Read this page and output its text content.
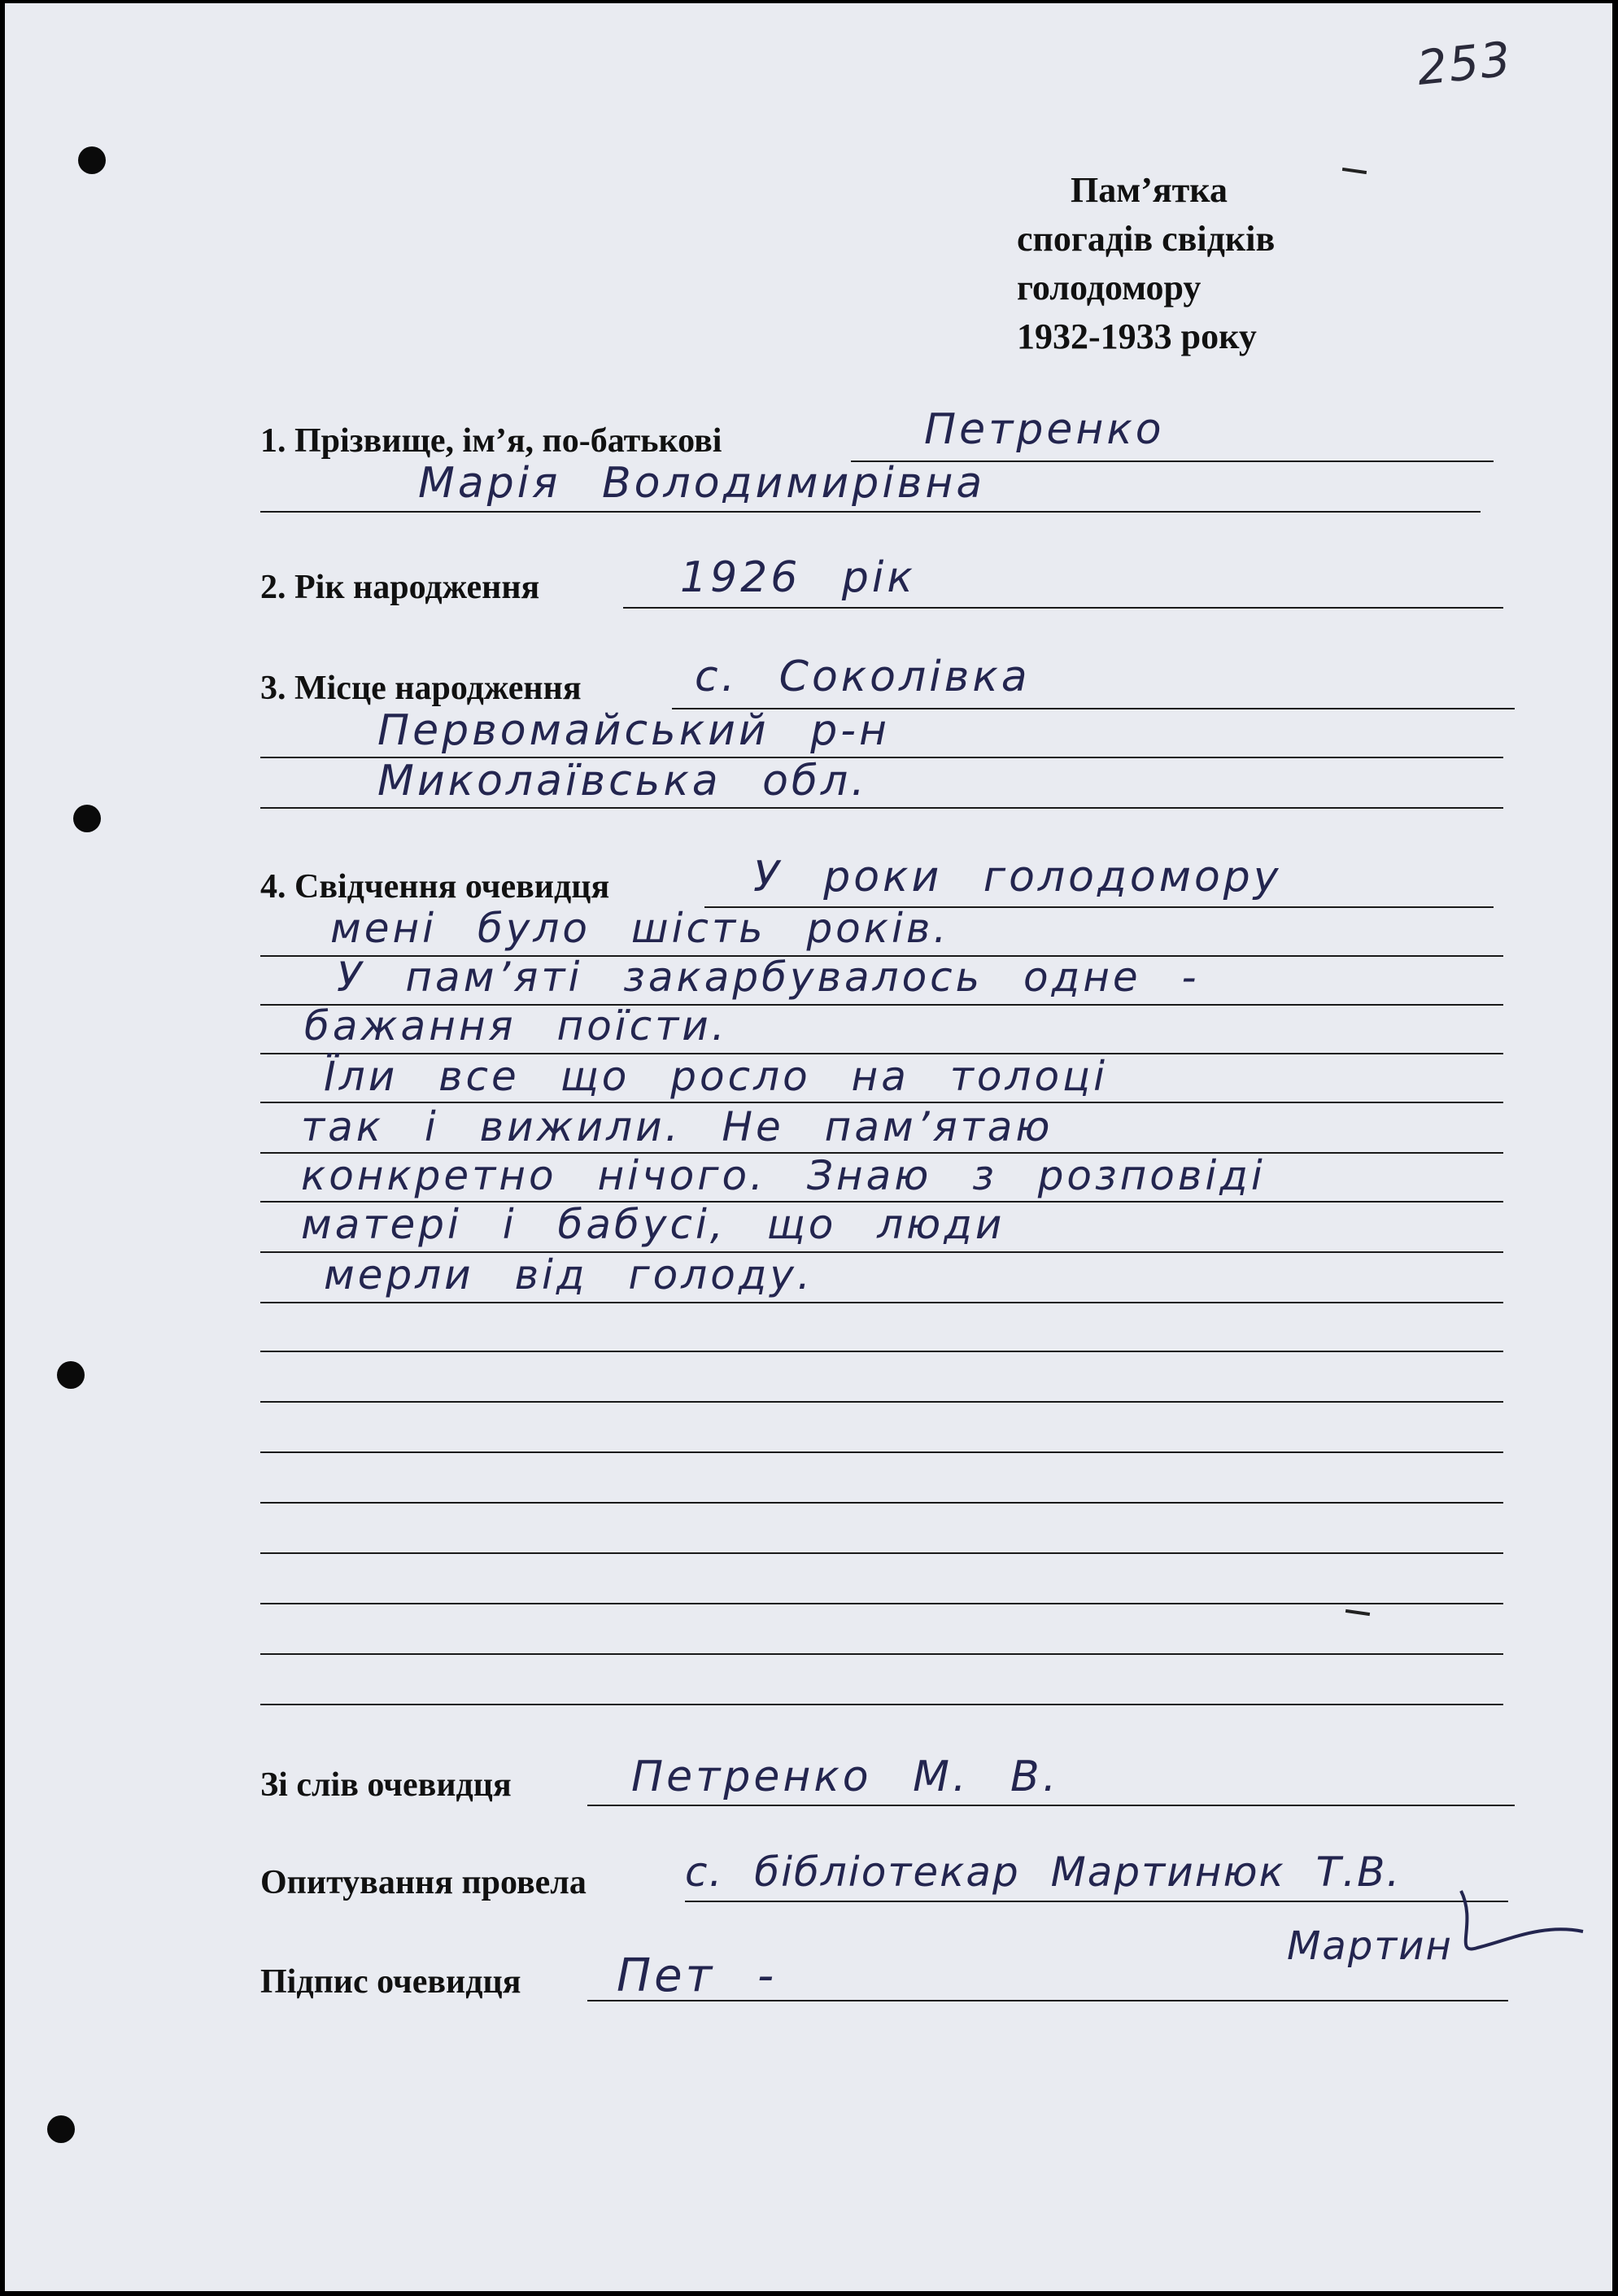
253
Пам’ятка
спогадів свідків
голодомору
1932-1933 року
1. Прізвище, ім’я, по-батькові	Петренко
Марія Володимирівна
2. Рік народження	1926 рік
3. Місце народження	с. Соколівка
Первомайський р-н
Миколаївська обл.
4. Свідчення очевидця	У роки голодомору
мені було шість років.
У пам’яті закарбувалось одне -
бажання поїсти.
Їли все що росло на толоці
так і вижили. Не пам’ятаю
конкретно нічого. Знаю з розповіді
матері і бабусі, що люди
мерли від голоду.
Зі слів очевидця	Петренко М. В.
Опитування провела с. бібліотекар Мартинюк Т.В.
Мартин
Підпис очевидця Пет -
